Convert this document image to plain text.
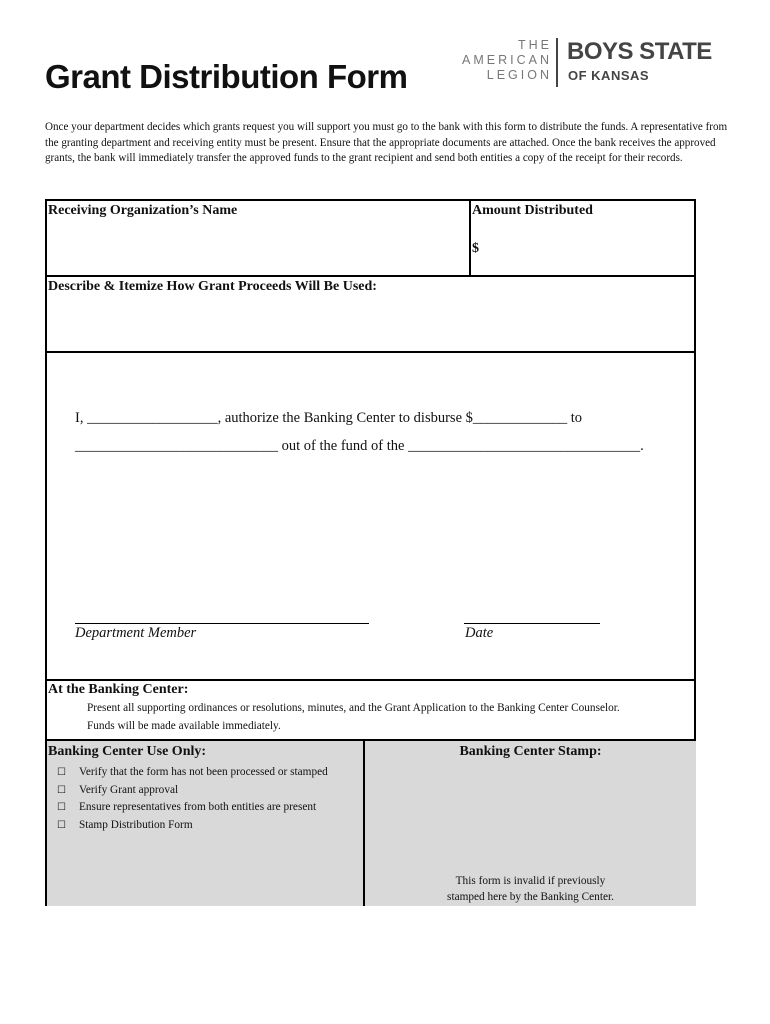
Grant Distribution Form
THE
AMERICAN
LEGION
BOYS STATE
OF KANSAS
Once your department decides which grants request you will support you must go to the bank with this form to distribute the funds. A representative from the granting department and receiving entity must be present. Ensure that the appropriate documents are attached. Once the bank receives the approved grants, the bank will immediately transfer the approved funds to the grant recipient and send both entities a copy of the receipt for their records.
Receiving Organization’s Name	Amount Distributed
$
Describe & Itemize How Grant Proceeds Will Be Used:
I, __________________, authorize the Banking Center to disburse $_____________ to
____________________________ out of the fund of the ________________________________.
Department Member	Date
At the Banking Center:
Present all supporting ordinances or resolutions, minutes, and the Grant Application to the Banking Center Counselor.
Funds will be made available immediately.
Banking Center Use Only:	Banking Center Stamp:
☐ Verify that the form has not been processed or stamped
☐ Verify Grant approval
☐ Ensure representatives from both entities are present
☐ Stamp Distribution Form
This form is invalid if previously
stamped here by the Banking Center.
